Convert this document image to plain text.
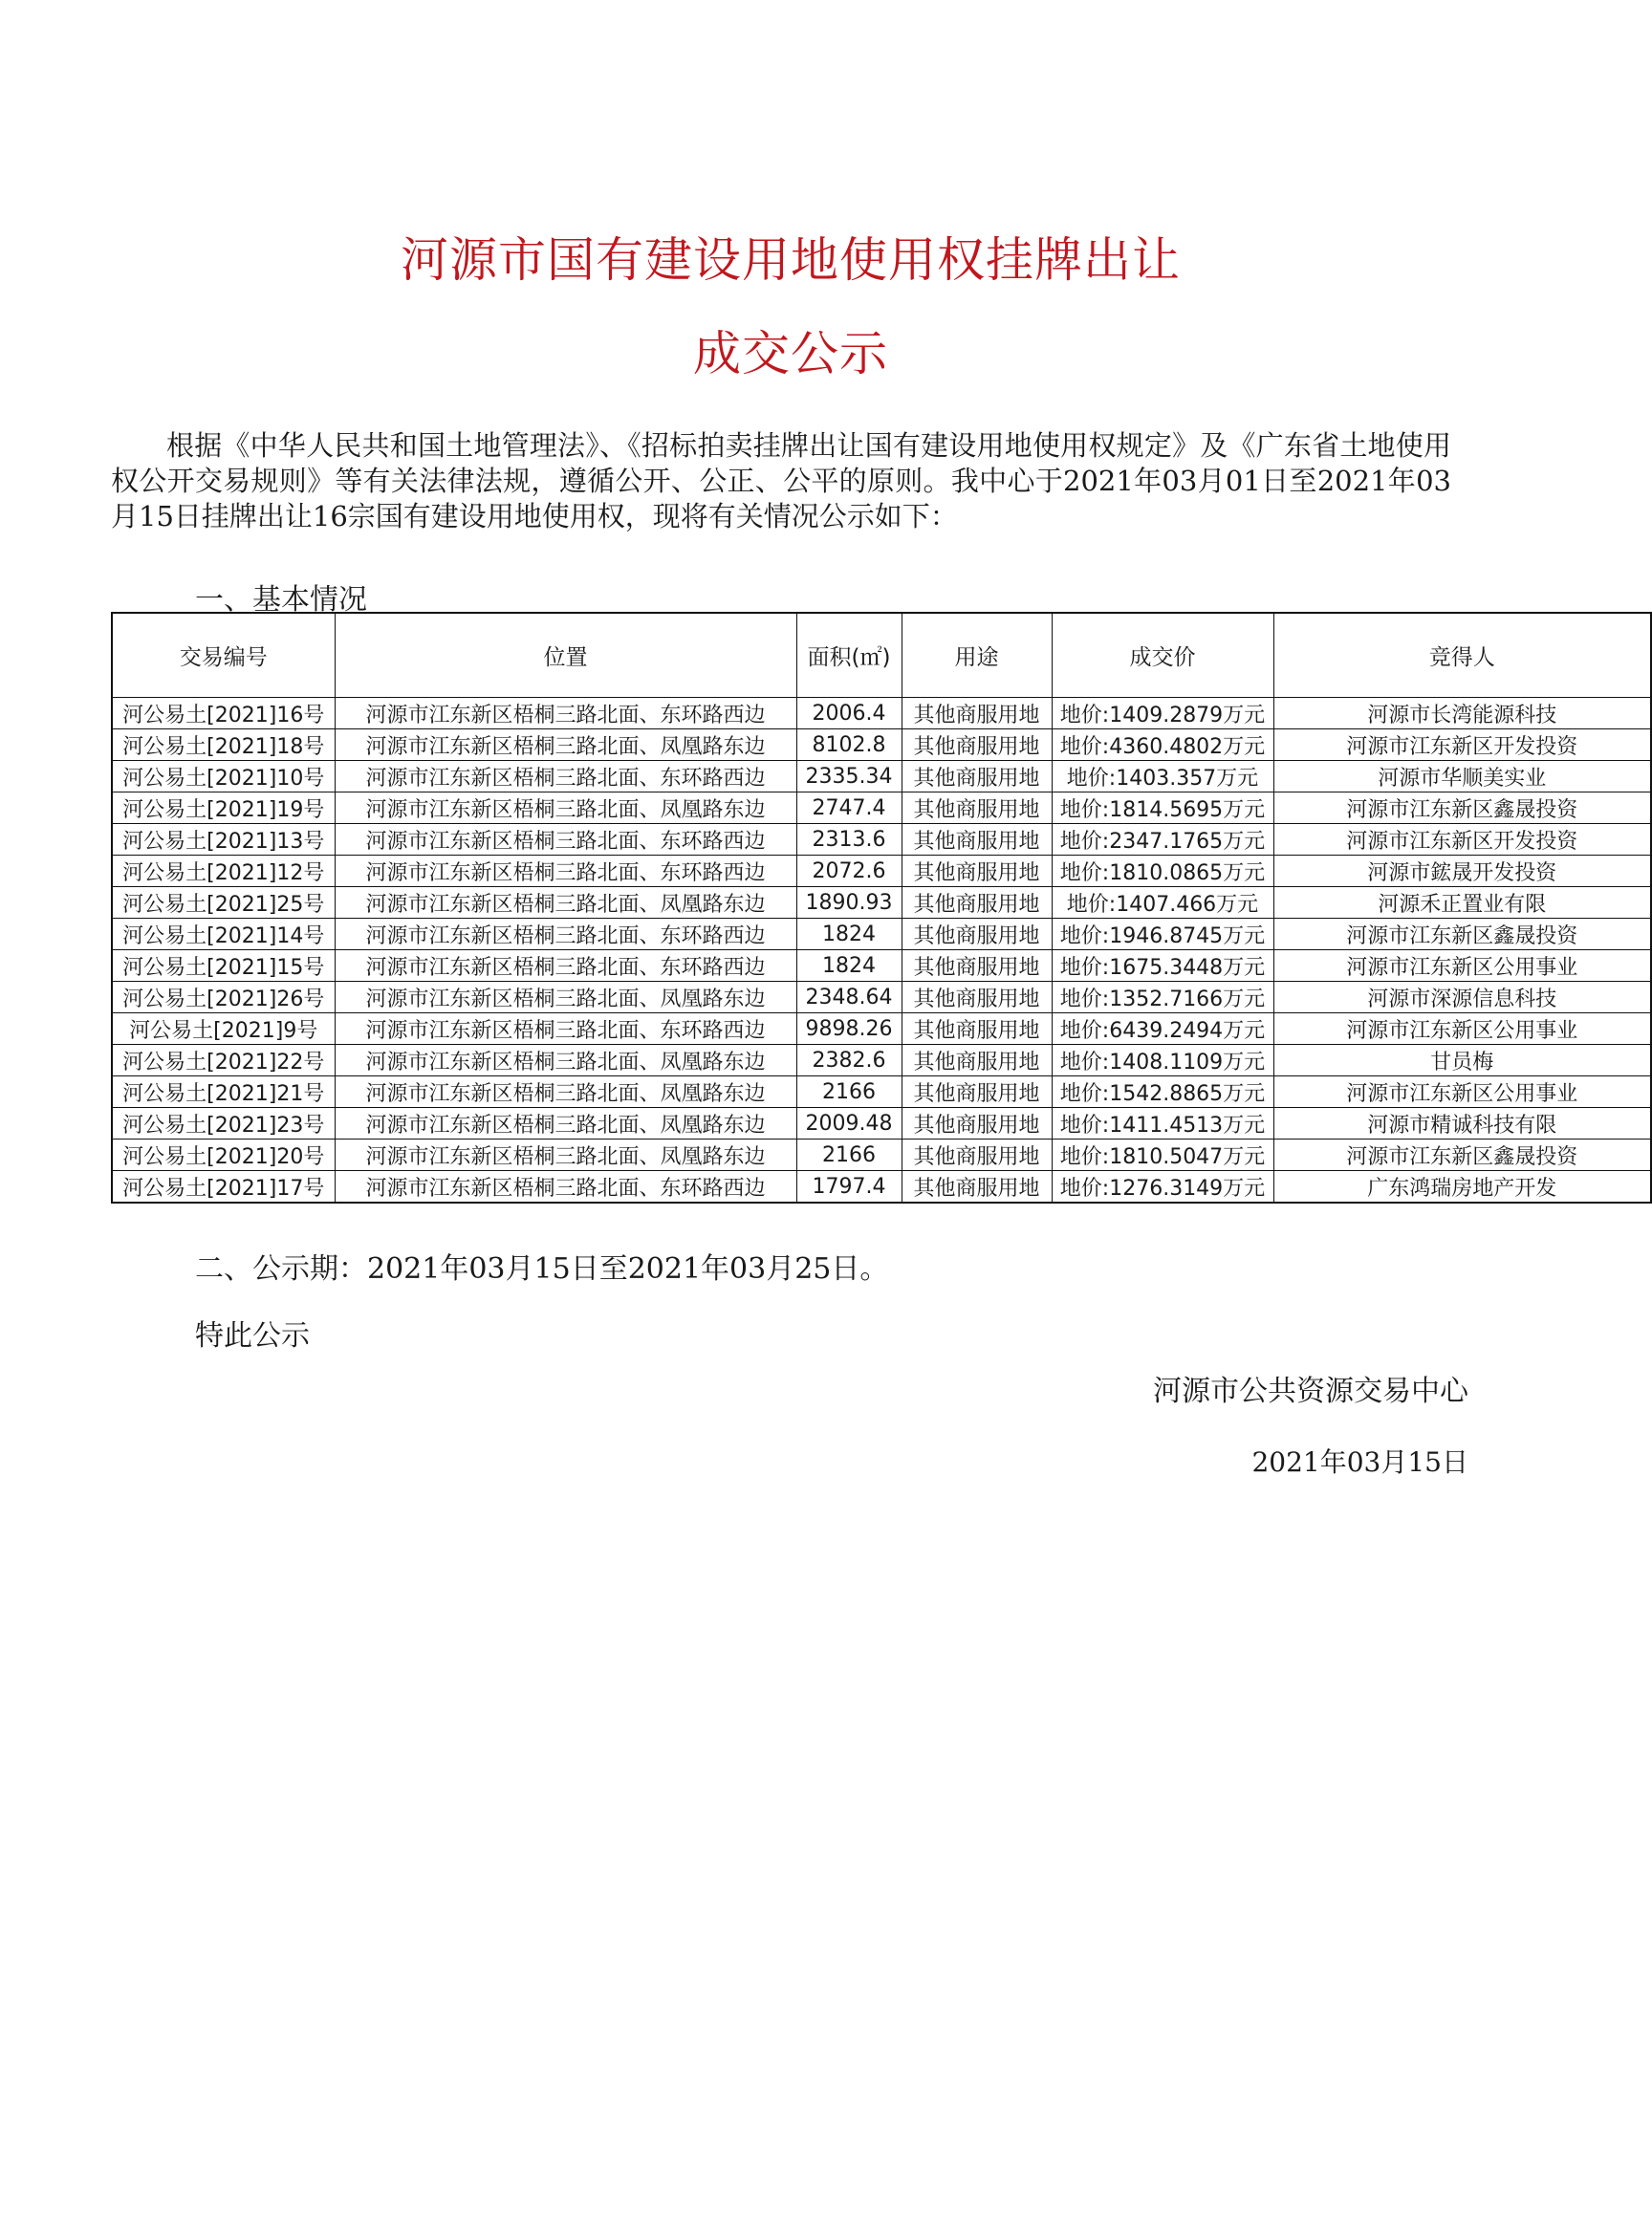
河源市国有建设用地使用权挂牌出让
成交公示

根据《中华人民共和国土地管理法》、《招标拍卖挂牌出让国有建设用地使用权规定》及《广东省土地使用权公开交易规则》等有关法律法规，遵循公开、公正、公平的原则。我中心于2021年03月01日至2021年03月15日挂牌出让16宗国有建设用地使用权，现将有关情况公示如下：

一、基本情况
交易编号	位置	面积(㎡)	用途	成交价	竞得人
河公易土[2021]16号	河源市江东新区梧桐三路北面、东环路西边	2006.4	其他商服用地	地价:1409.2879万元	河源市长湾能源科技
河公易土[2021]18号	河源市江东新区梧桐三路北面、凤凰路东边	8102.8	其他商服用地	地价:4360.4802万元	河源市江东新区开发投资
河公易土[2021]10号	河源市江东新区梧桐三路北面、东环路西边	2335.34	其他商服用地	地价:1403.357万元	河源市华顺美实业
河公易土[2021]19号	河源市江东新区梧桐三路北面、凤凰路东边	2747.4	其他商服用地	地价:1814.5695万元	河源市江东新区鑫晟投资
河公易土[2021]13号	河源市江东新区梧桐三路北面、东环路西边	2313.6	其他商服用地	地价:2347.1765万元	河源市江东新区开发投资
河公易土[2021]12号	河源市江东新区梧桐三路北面、东环路西边	2072.6	其他商服用地	地价:1810.0865万元	河源市鋐晟开发投资
河公易土[2021]25号	河源市江东新区梧桐三路北面、凤凰路东边	1890.93	其他商服用地	地价:1407.466万元	河源禾正置业有限
河公易土[2021]14号	河源市江东新区梧桐三路北面、东环路西边	1824	其他商服用地	地价:1946.8745万元	河源市江东新区鑫晟投资
河公易土[2021]15号	河源市江东新区梧桐三路北面、东环路西边	1824	其他商服用地	地价:1675.3448万元	河源市江东新区公用事业
河公易土[2021]26号	河源市江东新区梧桐三路北面、凤凰路东边	2348.64	其他商服用地	地价:1352.7166万元	河源市深源信息科技
河公易土[2021]9号	河源市江东新区梧桐三路北面、东环路西边	9898.26	其他商服用地	地价:6439.2494万元	河源市江东新区公用事业
河公易土[2021]22号	河源市江东新区梧桐三路北面、凤凰路东边	2382.6	其他商服用地	地价:1408.1109万元	甘员梅
河公易土[2021]21号	河源市江东新区梧桐三路北面、凤凰路东边	2166	其他商服用地	地价:1542.8865万元	河源市江东新区公用事业
河公易土[2021]23号	河源市江东新区梧桐三路北面、凤凰路东边	2009.48	其他商服用地	地价:1411.4513万元	河源市精诚科技有限
河公易土[2021]20号	河源市江东新区梧桐三路北面、凤凰路东边	2166	其他商服用地	地价:1810.5047万元	河源市江东新区鑫晟投资
河公易土[2021]17号	河源市江东新区梧桐三路北面、东环路西边	1797.4	其他商服用地	地价:1276.3149万元	广东鸿瑞房地产开发
二、公示期：2021年03月15日至2021年03月25日。
特此公示
河源市公共资源交易中心
2021年03月15日
